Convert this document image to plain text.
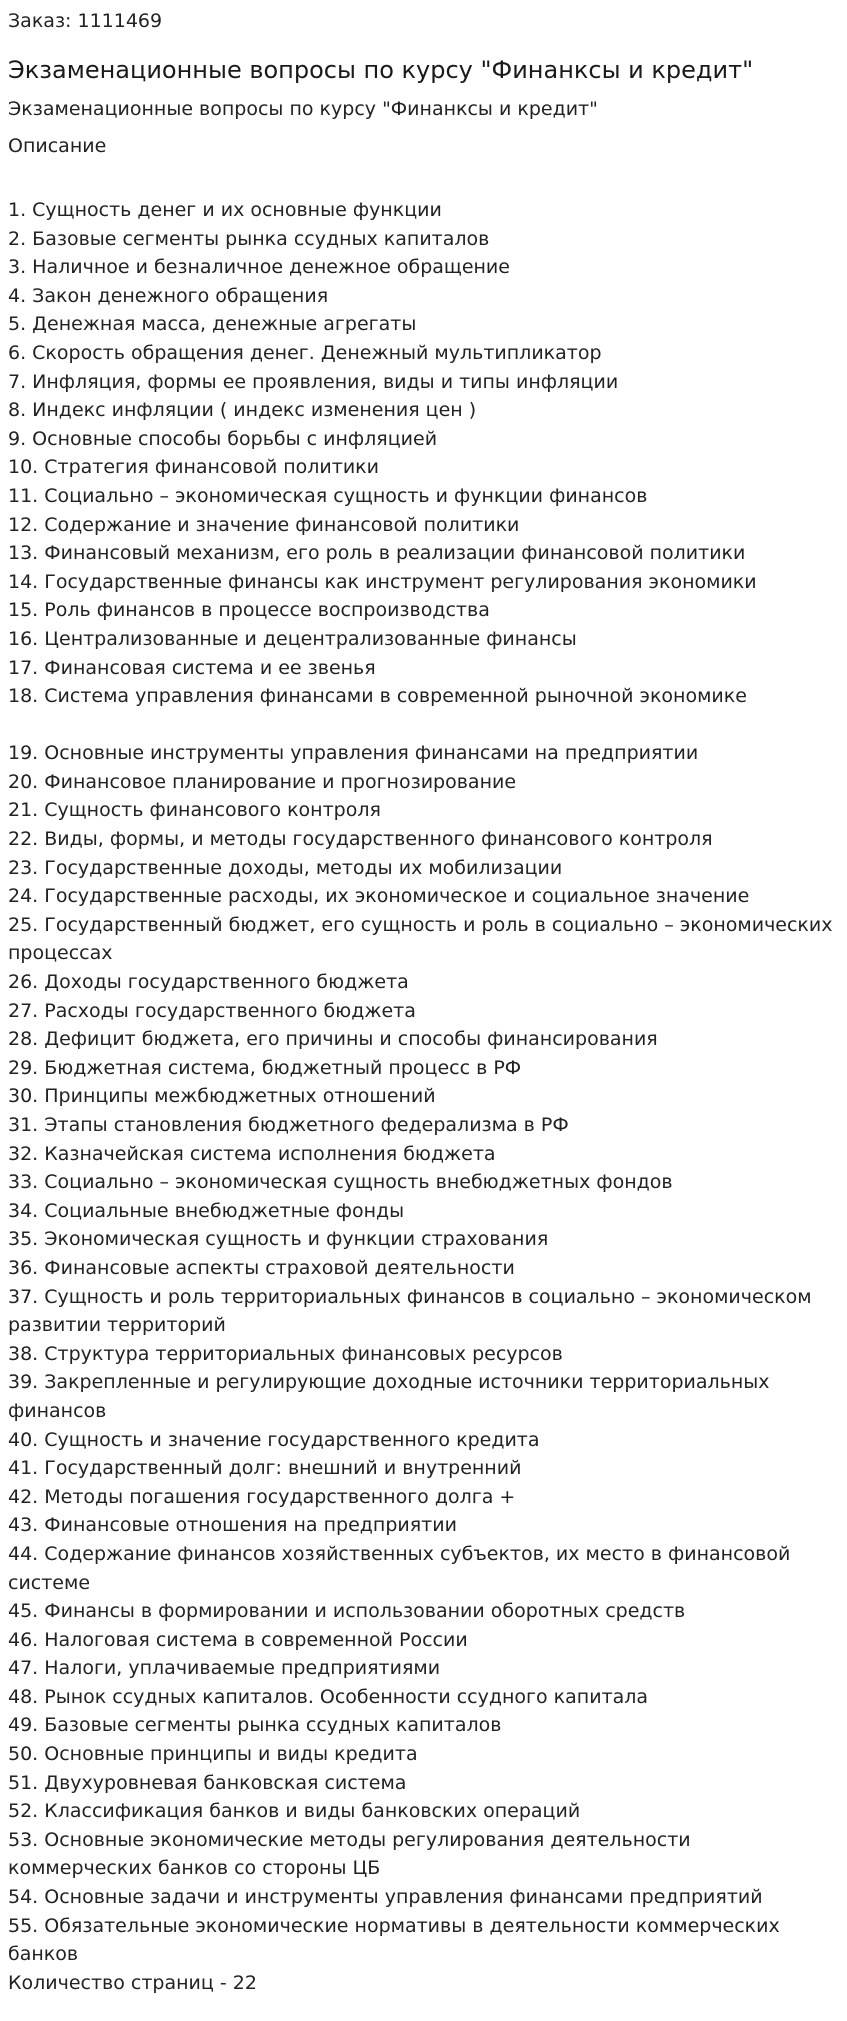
Заказ: 1111469

Экзаменационные вопросы по курсу "Финанксы и кредит"

Экзаменационные вопросы по курсу "Финанксы и кредит"

Описание

1. Сущность денег и их основные функции
2. Базовые сегменты рынка ссудных капиталов
3. Наличное и безналичное денежное обращение
4. Закон денежного обращения
5. Денежная масса, денежные агрегаты
6. Скорость обращения денег. Денежный мультипликатор
7. Инфляция, формы ее проявления, виды и типы инфляции
8. Индекс инфляции ( индекс изменения цен )
9. Основные способы борьбы с инфляцией
10. Стратегия финансовой политики
11. Социально – экономическая сущность и функции финансов
12. Содержание и значение финансовой политики
13. Финансовый механизм, его роль в реализации финансовой политики
14. Государственные финансы как инструмент регулирования экономики
15. Роль финансов в процессе воспроизводства
16. Централизованные и децентрализованные финансы
17. Финансовая система и ее звенья
18. Система управления финансами в современной рыночной экономике
19. Основные инструменты управления финансами на предприятии
20. Финансовое планирование и прогнозирование
21. Сущность финансового контроля
22. Виды, формы, и методы государственного финансового контроля
23. Государственные доходы, методы их мобилизации
24. Государственные расходы, их экономическое и социальное значение
25. Государственный бюджет, его сущность и роль в социально – экономических процессах
26. Доходы государственного бюджета
27. Расходы государственного бюджета
28. Дефицит бюджета, его причины и способы финансирования
29. Бюджетная система, бюджетный процесс в РФ
30. Принципы межбюджетных отношений
31. Этапы становления бюджетного федерализма в РФ
32. Казначейская система исполнения бюджета
33. Социально – экономическая сущность внебюджетных фондов
34. Социальные внебюджетные фонды
35. Экономическая сущность и функции страхования
36. Финансовые аспекты страховой деятельности
37. Сущность и роль территориальных финансов в социально – экономическом развитии территорий
38. Структура территориальных финансовых ресурсов
39. Закрепленные и регулирующие доходные источники территориальных финансов
40. Сущность и значение государственного кредита
41. Государственный долг: внешний и внутренний
42. Методы погашения государственного долга +
43. Финансовые отношения на предприятии
44. Содержание финансов хозяйственных субъектов, их место в финансовой системе
45. Финансы в формировании и использовании оборотных средств
46. Налоговая система в современной России
47. Налоги, уплачиваемые предприятиями
48. Рынок ссудных капиталов. Особенности ссудного капитала
49. Базовые сегменты рынка ссудных капиталов
50. Основные принципы и виды кредита
51. Двухуровневая банковская система
52. Классификация банков и виды банковских операций
53. Основные экономические методы регулирования деятельности коммерческих банков со стороны ЦБ
54. Основные задачи и инструменты управления финансами предприятий
55. Обязательные экономические нормативы в деятельности коммерческих банков

Количество страниц - 22
